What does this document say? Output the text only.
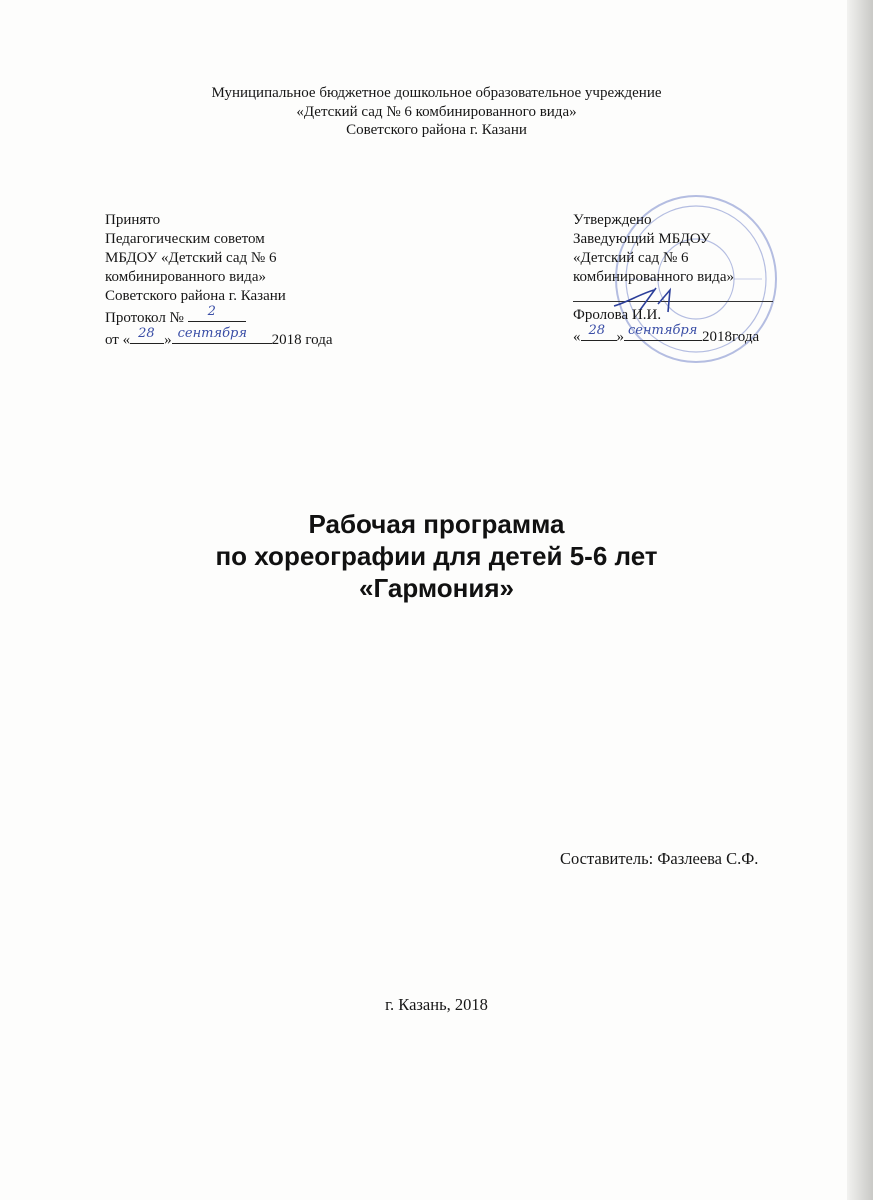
Муниципальное бюджетное дошкольное образовательное учреждение
«Детский сад № 6 комбинированного вида»
Советского района г. Казани
Принято
Педагогическим советом
МБДОУ «Детский сад № 6
комбинированного вида»
Советского района г. Казани
Протокол № 2
от « 28 » сентября 2018 года
Утверждено
Заведующий МБДОУ
«Детский сад № 6
комбинированного вида»
Фролова И.И.
« 28 » сентября 2018года
Рабочая программа
по хореографии для детей 5-6 лет
«Гармония»
Составитель: Фазлеева С.Ф.
г. Казань, 2018
